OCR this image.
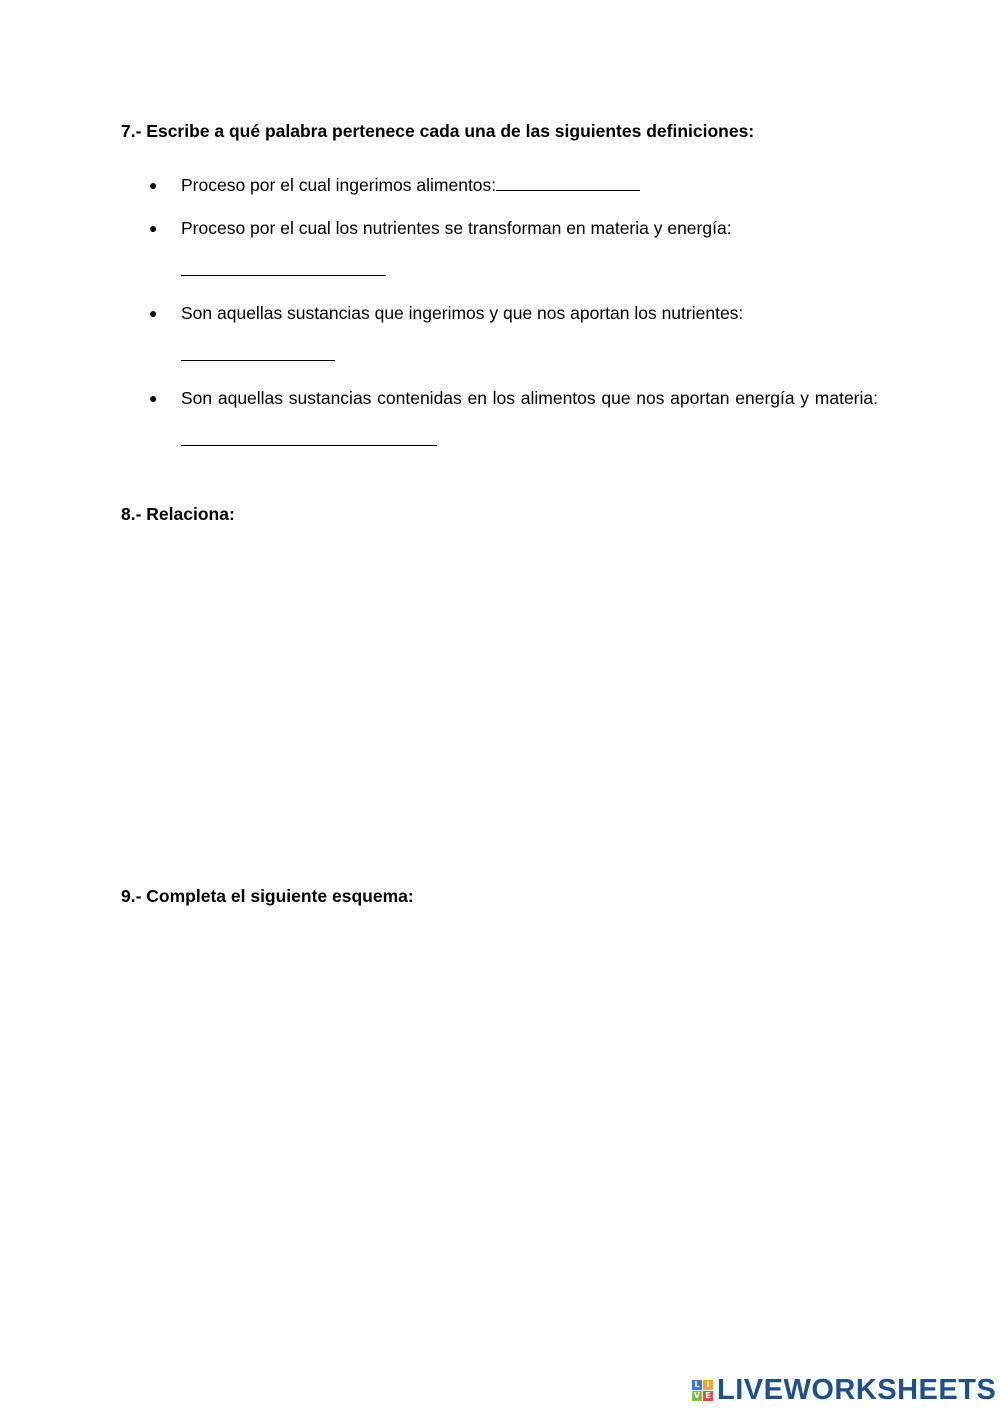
7.- Escribe a qué palabra pertenece cada una de las siguientes definiciones:
● Proceso por el cual ingerimos alimentos:
● Proceso por el cual los nutrientes se transforman en materia y energía:

● Son aquellas sustancias que ingerimos y que nos aportan los nutrientes:

● Son aquellas sustancias contenidas en los alimentos que nos aportan energía y materia:
8.- Relaciona:
9.- Completa el siguiente esquema:
L I
V E LIVEWORKSHEETS
